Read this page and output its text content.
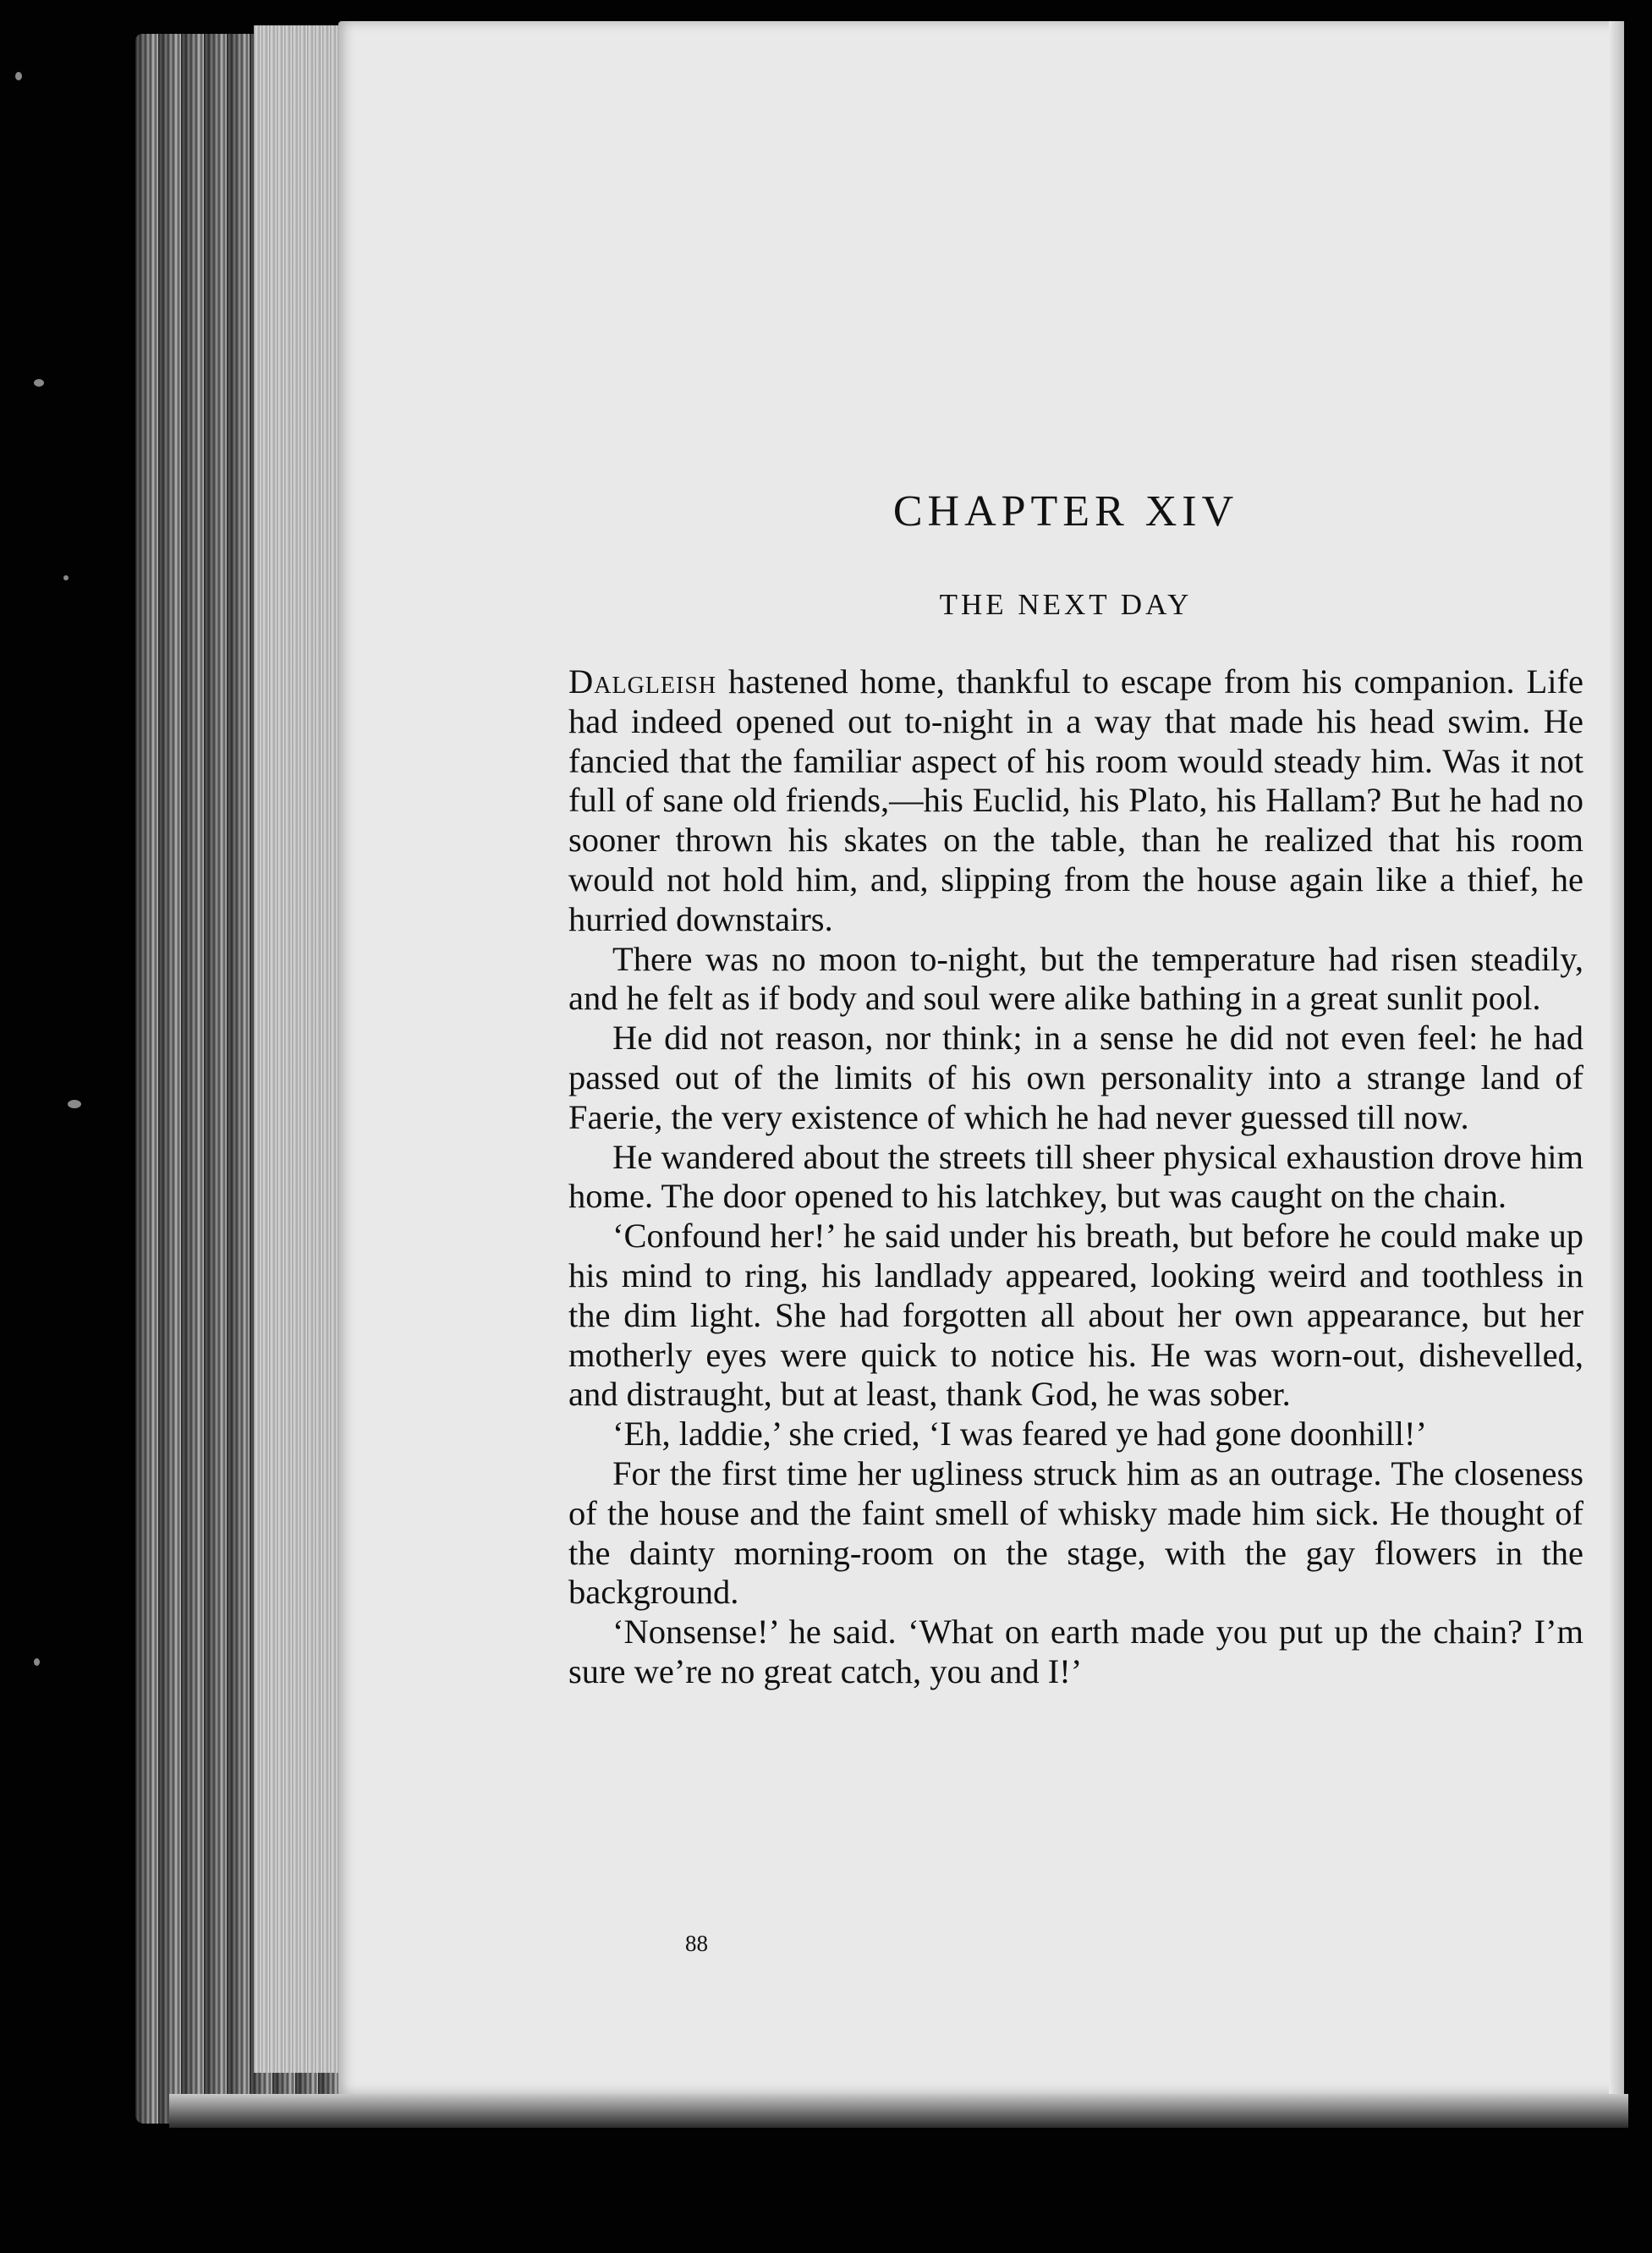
CHAPTER XIV
THE NEXT DAY

Dalgleish hastened home, thankful to escape from his companion. Life had indeed opened out to-night in a way that made his head swim. He fancied that the familiar aspect of his room would steady him. Was it not full of sane old friends,—his Euclid, his Plato, his Hallam? But he had no sooner thrown his skates on the table, than he realized that his room would not hold him, and, slipping from the house again like a thief, he hurried downstairs.

There was no moon to-night, but the temperature had risen steadily, and he felt as if body and soul were alike bathing in a great sunlit pool.

He did not reason, nor think; in a sense he did not even feel: he had passed out of the limits of his own personality into a strange land of Faerie, the very existence of which he had never guessed till now.

He wandered about the streets till sheer physical exhaustion drove him home. The door opened to his latchkey, but was caught on the chain.

‘Confound her!’ he said under his breath, but before he could make up his mind to ring, his landlady appeared, looking weird and toothless in the dim light. She had forgotten all about her own appearance, but her motherly eyes were quick to notice his. He was worn-out, dishevelled, and distraught, but at least, thank God, he was sober.

‘Eh, laddie,’ she cried, ‘I was feared ye had gone doonhill!’

For the first time her ugliness struck him as an outrage. The closeness of the house and the faint smell of whisky made him sick. He thought of the dainty morning-room on the stage, with the gay flowers in the background.

‘Nonsense!’ he said. ‘What on earth made you put up the chain? I’m sure we’re no great catch, you and I!’

88
